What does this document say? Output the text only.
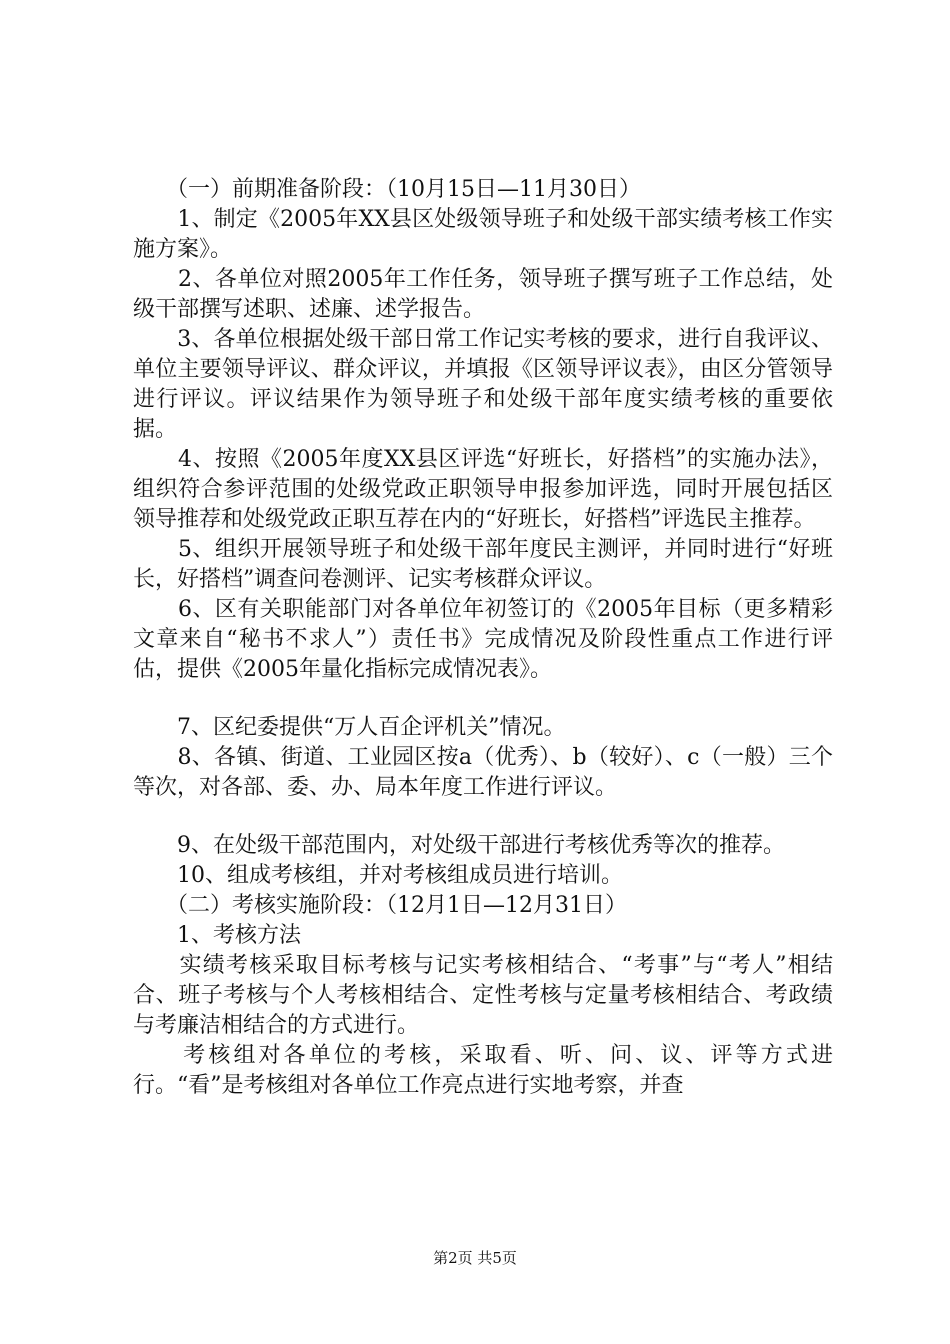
　　（一）前期准备阶段：（10月15日—11月30日）

　　1、制定《2005年XX县区处级领导班子和处级干部实绩考核工作实施方案》。

　　2、各单位对照2005年工作任务，领导班子撰写班子工作总结，处级干部撰写述职、述廉、述学报告。

　　3、各单位根据处级干部日常工作记实考核的要求，进行自我评议、单位主要领导评议、群众评议，并填报《区领导评议表》，由区分管领导进行评议。评议结果作为领导班子和处级干部年度实绩考核的重要依据。

　　4、按照《2005年度XX县区评选“好班长，好搭档”的实施办法》，组织符合参评范围的处级党政正职领导申报参加评选，同时开展包括区领导推荐和处级党政正职互荐在内的“好班长，好搭档”评选民主推荐。

　　5、组织开展领导班子和处级干部年度民主测评，并同时进行“好班长，好搭档”调查问卷测评、记实考核群众评议。

　　6、区有关职能部门对各单位年初签订的《2005年目标（更多精彩文章来自“秘书不求人”）责任书》完成情况及阶段性重点工作进行评估，提供《2005年量化指标完成情况表》。

　　7、区纪委提供“万人百企评机关”情况。

　　8、各镇、街道、工业园区按a（优秀）、b（较好）、c（一般）三个等次，对各部、委、办、局本年度工作进行评议。

　　9、在处级干部范围内，对处级干部进行考核优秀等次的推荐。

　　10、组成考核组，并对考核组成员进行培训。

　　（二）考核实施阶段：（12月1日—12月31日）

　　1、考核方法

　　实绩考核采取目标考核与记实考核相结合、“考事”与“考人”相结合、班子考核与个人考核相结合、定性考核与定量考核相结合、考政绩与考廉洁相结合的方式进行。

　　考核组对各单位的考核，采取看、听、问、议、评等方式进行。“看”是考核组对各单位工作亮点进行实地考察，并查

第2页 共5页
